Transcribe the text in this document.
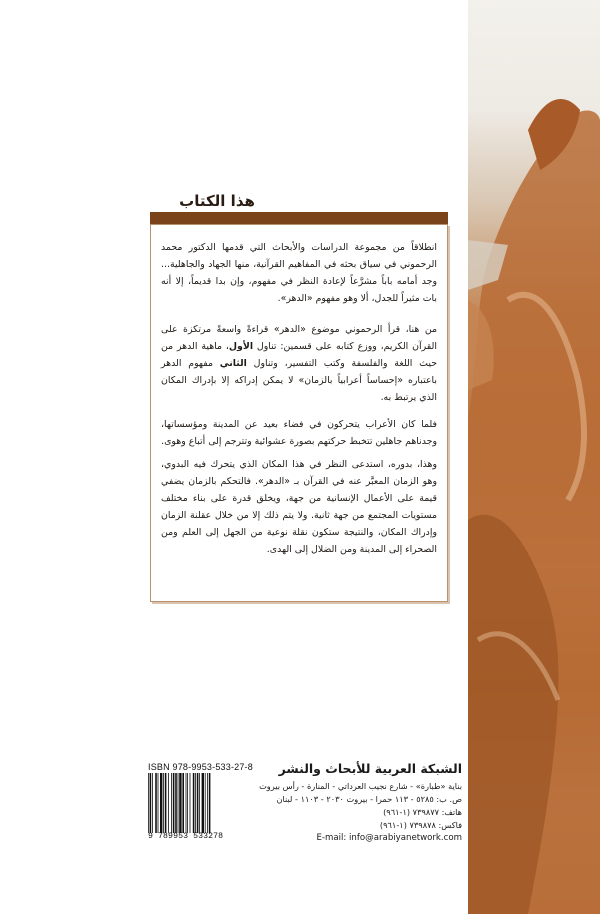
هذا الكتاب

انطلاقاً من مجموعة الدراسات والأبحاث التي قدمها الدكتور محمد الرحموني في سياق بحثه في المفاهيم القرآنية، منها الجهاد والجاهلية... وجد أمامه باباً مشرَّعاً لإعادة النظر في مفهوم، وإن بدا قديماً، إلا أنه بات مثيراً للجدل، ألا وهو مفهوم «الدهر».

من هنا، قرأ الرحموني موضوع «الدهر» قراءةً واسعةً مرتكزة على القرآن الكريم، ووزع كتابه على قسمين: تناول الأول، ماهية الدهر من حيث اللغة والفلسفة وكتب التفسير، وتناول الثاني مفهوم الدهر باعتباره «إحساساً أعرابياً بالزمان» لا يمكن إدراكه إلا بإدراك المكان الذي يرتبط به.

فلما كان الأعراب يتحركون في فضاء بعيد عن المدينة ومؤسساتها، وجدناهم جاهلين تتخبط حركتهم بصورة عشوائية وتترجم إلى أتباع وهوى.

وهذا، بدوره، استدعى النظر في هذا المكان الذي يتحرك فيه البدوي، وهو الزمان المعبَّر عنه في القرآن بـ «الدهر». فالتحكم بالزمان يضفي قيمة على الأعمال الإنسانية من جهة، ويخلق قدرة على بناء مختلف مستويات المجتمع من جهة ثانية. ولا يتم ذلك إلا من خلال عقلنة الزمان وإدراك المكان، والنتيجة ستكون نقلة نوعية من الجهل إلى العلم ومن الصحراء إلى المدينة ومن الضلال إلى الهدى.

الشبكة العربية للأبحاث والنشر
بناية «طبارة» - شارع نجيب العرداتي - المنارة - رأس بيروت
ص. ب: ٥٢٨٥ - ١١٣ حمرا - بيروت ٢٠٣٠ - ١١٠٣ - لبنان
هاتف: ٧٣٩٨٧٧ (١-٩٦١)
فاكس: ٧٣٩٨٧٨ (١-٩٦١)
E-mail: info@arabiyanetwork.com
ISBN 978-9953-533-27-8
9 789953 533278
